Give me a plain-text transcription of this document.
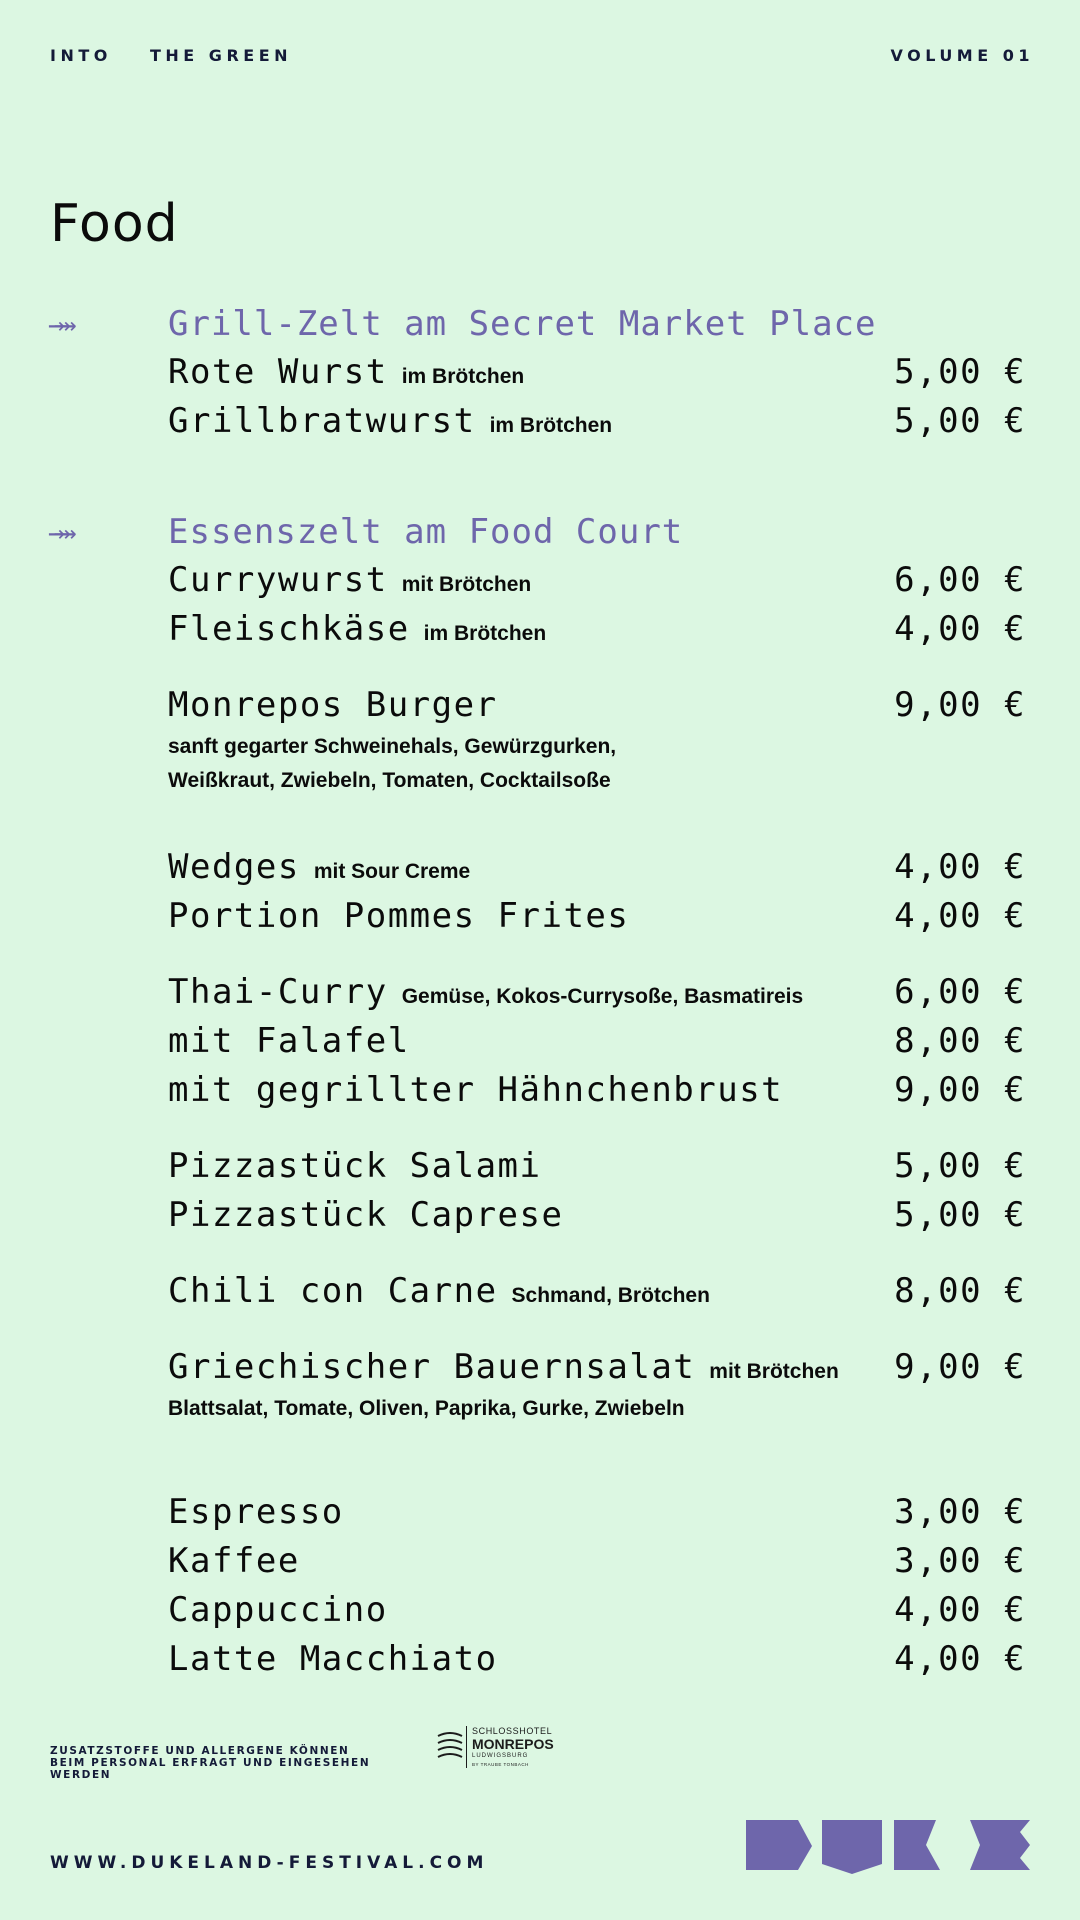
INTO THE GREEN	VOLUME 01
Food
→→→	Grill-Zelt am Secret Market Place
Rote Wurst im Brötchen	5,00 €
Grillbratwurst im Brötchen	5,00 €
→→→	Essenszelt am Food Court
Currywurst mit Brötchen	6,00 €
Fleischkäse im Brötchen	4,00 €
Monrepos Burger	9,00 €
sanft gegarter Schweinehals, Gewürzgurken,
Weißkraut, Zwiebeln, Tomaten, Cocktailsoße
Wedges mit Sour Creme	4,00 €
Portion Pommes Frites	4,00 €
Thai-Curry Gemüse, Kokos-Currysoße, Basmatireis	6,00 €
mit Falafel	8,00 €
mit gegrillter Hähnchenbrust	9,00 €
Pizzastück Salami	5,00 €
Pizzastück Caprese	5,00 €
Chili con Carne Schmand, Brötchen	8,00 €
Griechischer Bauernsalat mit Brötchen 9,00 €
Blattsalat, Tomate, Oliven, Paprika, Gurke, Zwiebeln
Espresso	3,00 €
Kaffee	3,00 €
Cappuccino	4,00 €
Latte Macchiato	4,00 €
ZUSATZSTOFFE UND ALLERGENE KÖNNEN BEIM PERSONAL ERFRAGT UND EINGESEHEN WERDEN
SCHLOSSHOTEL
MONREPOS
LUDWIGSBURG
BY TRAUBE TONBACH
WWW.DUKELAND-FESTIVAL.COM
